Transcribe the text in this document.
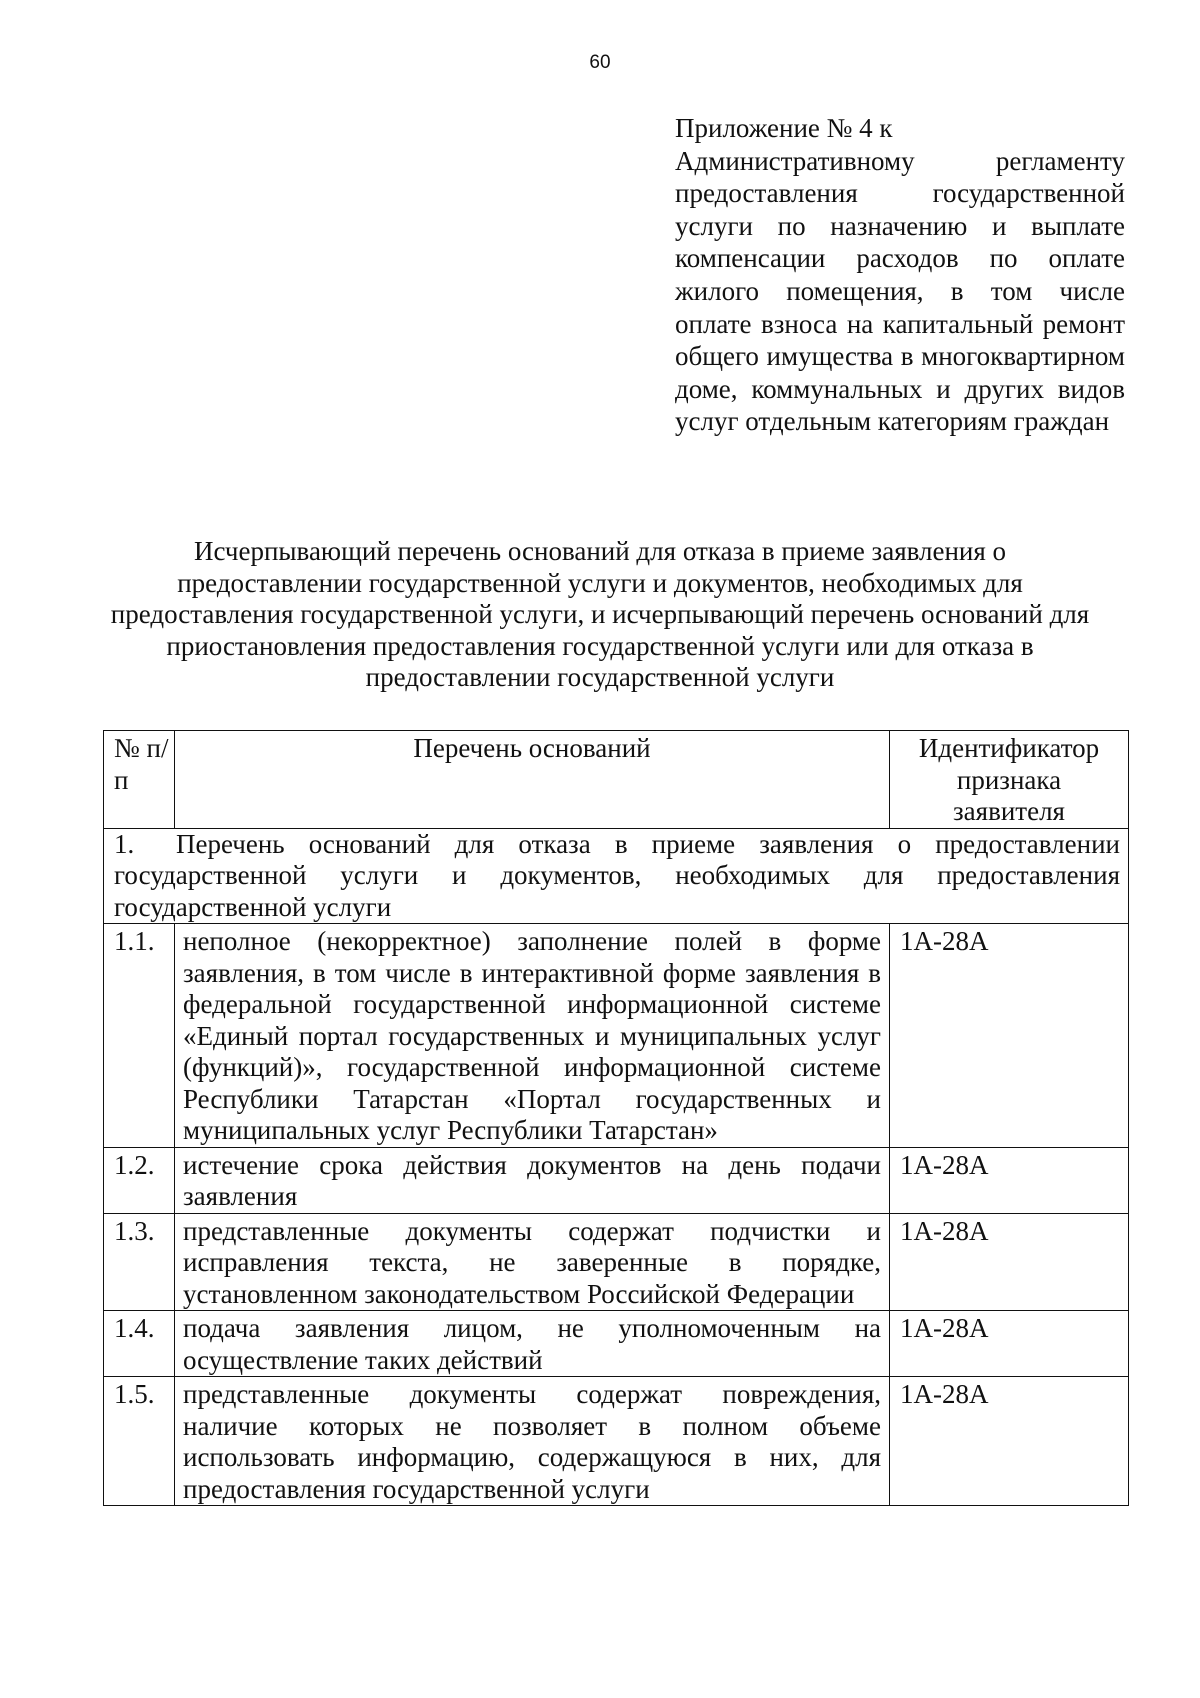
60
Приложение № 4 к
Административному регламенту предоставления государственной услуги по назначению и выплате компенсации расходов по оплате жилого помещения, в том числе оплате взноса на капитальный ремонт общего имущества в многоквартирном доме, коммунальных и других видов услуг отдельным категориям граждан
Исчерпывающий перечень оснований для отказа в приеме заявления о предоставлении государственной услуги и документов, необходимых для предоставления государственной услуги, и исчерпывающий перечень оснований для приостановления предоставления государственной услуги или для отказа в предоставлении государственной услуги
№ п/п	Перечень оснований	Идентификатор признака заявителя
1. Перечень оснований для отказа в приеме заявления о предоставлении государственной услуги и документов, необходимых для предоставления государственной услуги		
1.1.	неполное (некорректное) заполнение полей в форме заявления, в том числе в интерактивной форме заявления в федеральной государственной информационной системе «Единый портал государственных и муниципальных услуг (функций)», государственной информационной системе Республики Татарстан «Портал государственных и муниципальных услуг Республики Татарстан»	1А-28А
1.2.	истечение срока действия документов на день подачи заявления	1А-28А
1.3.	представленные документы содержат подчистки и исправления текста, не заверенные в порядке, установленном законодательством Российской Федерации	1А-28А
1.4.	подача заявления лицом, не уполномоченным на осуществление таких действий	1А-28А
1.5.	представленные документы содержат повреждения, наличие которых не позволяет в полном объеме использовать информацию, содержащуюся в них, для предоставления государственной услуги	1А-28А
